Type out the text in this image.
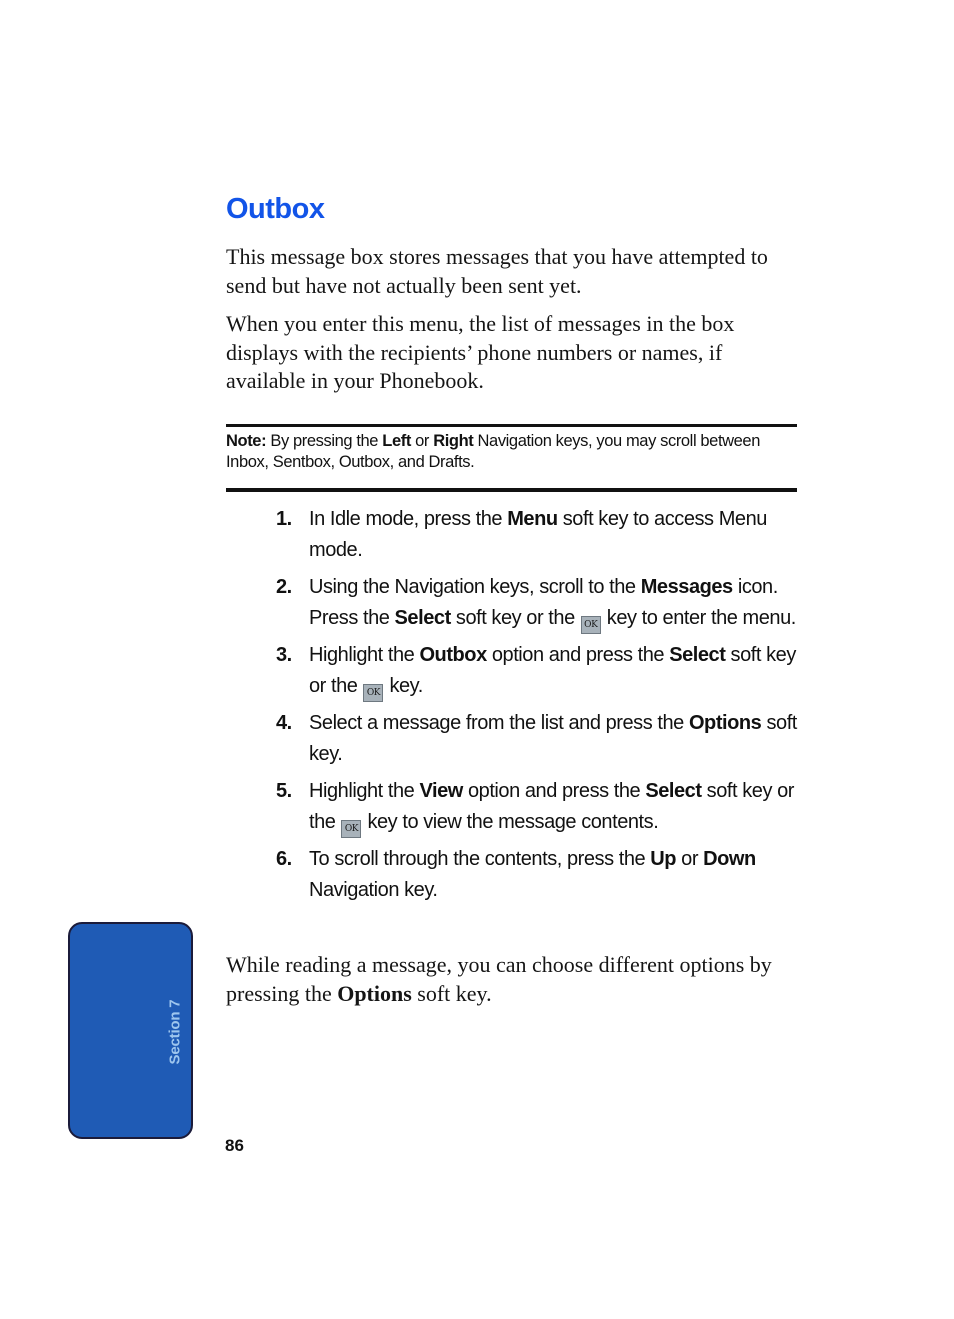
Outbox

This message box stores messages that you have attempted to send but have not actually been sent yet.

When you enter this menu, the list of messages in the box displays with the recipients’ phone numbers or names, if available in your Phonebook.

Note: By pressing the Left or Right Navigation keys, you may scroll between Inbox, Sentbox, Outbox, and Drafts.

1. In Idle mode, press the Menu soft key to access Menu mode.
2. Using the Navigation keys, scroll to the Messages icon. Press the Select soft key or the OK key to enter the menu.
3. Highlight the Outbox option and press the Select soft key or the OK key.
4. Select a message from the list and press the Options soft key.
5. Highlight the View option and press the Select soft key or the OK key to view the message contents.
6. To scroll through the contents, press the Up or Down Navigation key.

While reading a message, you can choose different options by pressing the Options soft key.

Section 7
86
